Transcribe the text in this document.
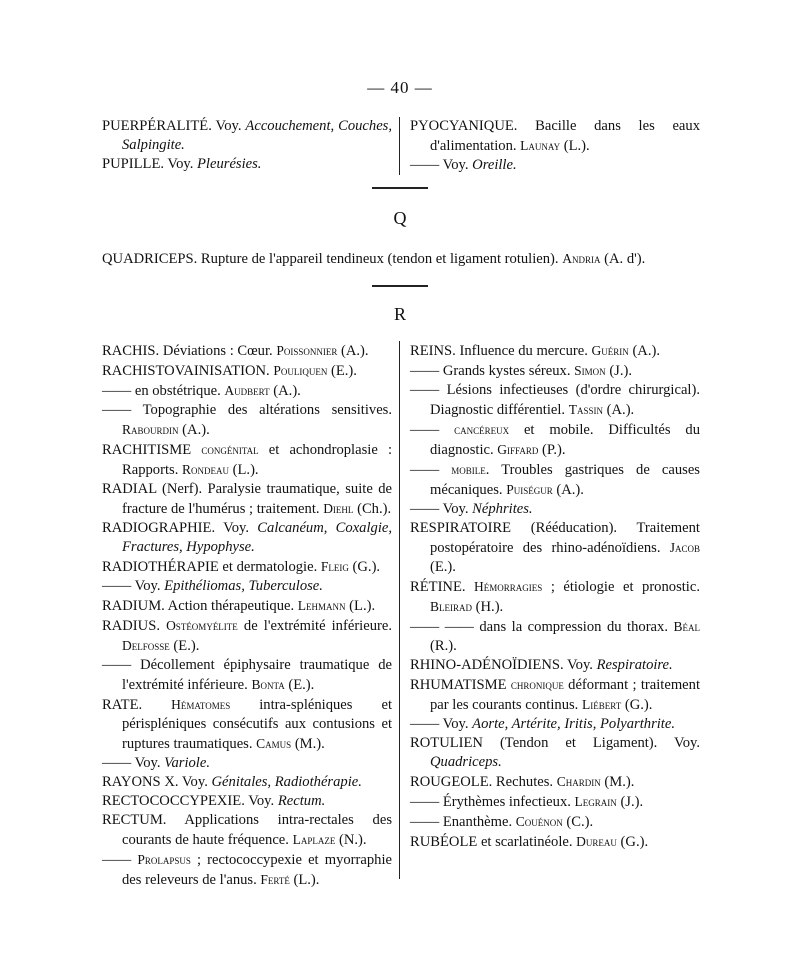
— 40 —

PUERPÉRALITÉ. Voy. Accouchement, Couches, Salpingite.

PUPILLE. Voy. Pleurésies.

PYOCYANIQUE. Bacille dans les eaux d'alimentation. Launay (L.).

—— Voy. Oreille.

Q
QUADRICEPS. Rupture de l'appareil tendineux (tendon et ligament rotulien). Andria (A. d').
R

RACHIS. Déviations : Cœur. Poissonnier (A.).

RACHISTOVAINISATION. Pouliquen (E.).

—— en obstétrique. Audbert (A.).

—— Topographie des altérations sensitives. Rabourdin (A.).

RACHITISME congénital et achondroplasie : Rapports. Rondeau (L.).

RADIAL (Nerf). Paralysie traumatique, suite de fracture de l'humérus ; traitement. Diehl (Ch.).

RADIOGRAPHIE. Voy. Calcanéum, Coxalgie, Fractures, Hypophyse.

RADIOTHÉRAPIE et dermatologie. Fleig (G.).

—— Voy. Epithéliomas, Tuberculose.

RADIUM. Action thérapeutique. Lehmann (L.).

RADIUS. Ostéomyélite de l'extrémité inférieure. Delfosse (E.).

—— Décollement épiphysaire traumatique de l'extrémité inférieure. Bonta (E.).

RATE. Hématomes intra-spléniques et périspléniques consécutifs aux contusions et ruptures traumatiques. Camus (M.).

—— Voy. Variole.

RAYONS X. Voy. Génitales, Radiothérapie.

RECTOCOCCYPEXIE. Voy. Rectum.

RECTUM. Applications intra-rectales des courants de haute fréquence. Laplaze (N.).

—— Prolapsus ; rectococcypexie et myorraphie des releveurs de l'anus. Ferté (L.).

REINS. Influence du mercure. Guérin (A.).

—— Grands kystes séreux. Simon (J.).

—— Lésions infectieuses (d'ordre chirurgical). Diagnostic différentiel. Tassin (A.).

—— cancéreux et mobile. Difficultés du diagnostic. Giffard (P.).

—— mobile. Troubles gastriques de causes mécaniques. Puiségur (A.).

—— Voy. Néphrites.

RESPIRATOIRE (Rééducation). Traitement postopératoire des rhino-adénoïdiens. Jacob (E.).

RÉTINE. Hémorragies ; étiologie et pronostic. Bleirad (H.).

—— —— dans la compression du thorax. Béal (R.).

RHINO-ADÉNOÏDIENS. Voy. Respiratoire.

RHUMATISME chronique déformant ; traitement par les courants continus. Liébert (G.).

—— Voy. Aorte, Artérite, Iritis, Polyarthrite.

ROTULIEN (Tendon et Ligament). Voy. Quadriceps.

ROUGEOLE. Rechutes. Chardin (M.).

—— Érythèmes infectieux. Legrain (J.).

—— Enanthème. Couénon (C.).

RUBÉOLE et scarlatinéole. Dureau (G.).
